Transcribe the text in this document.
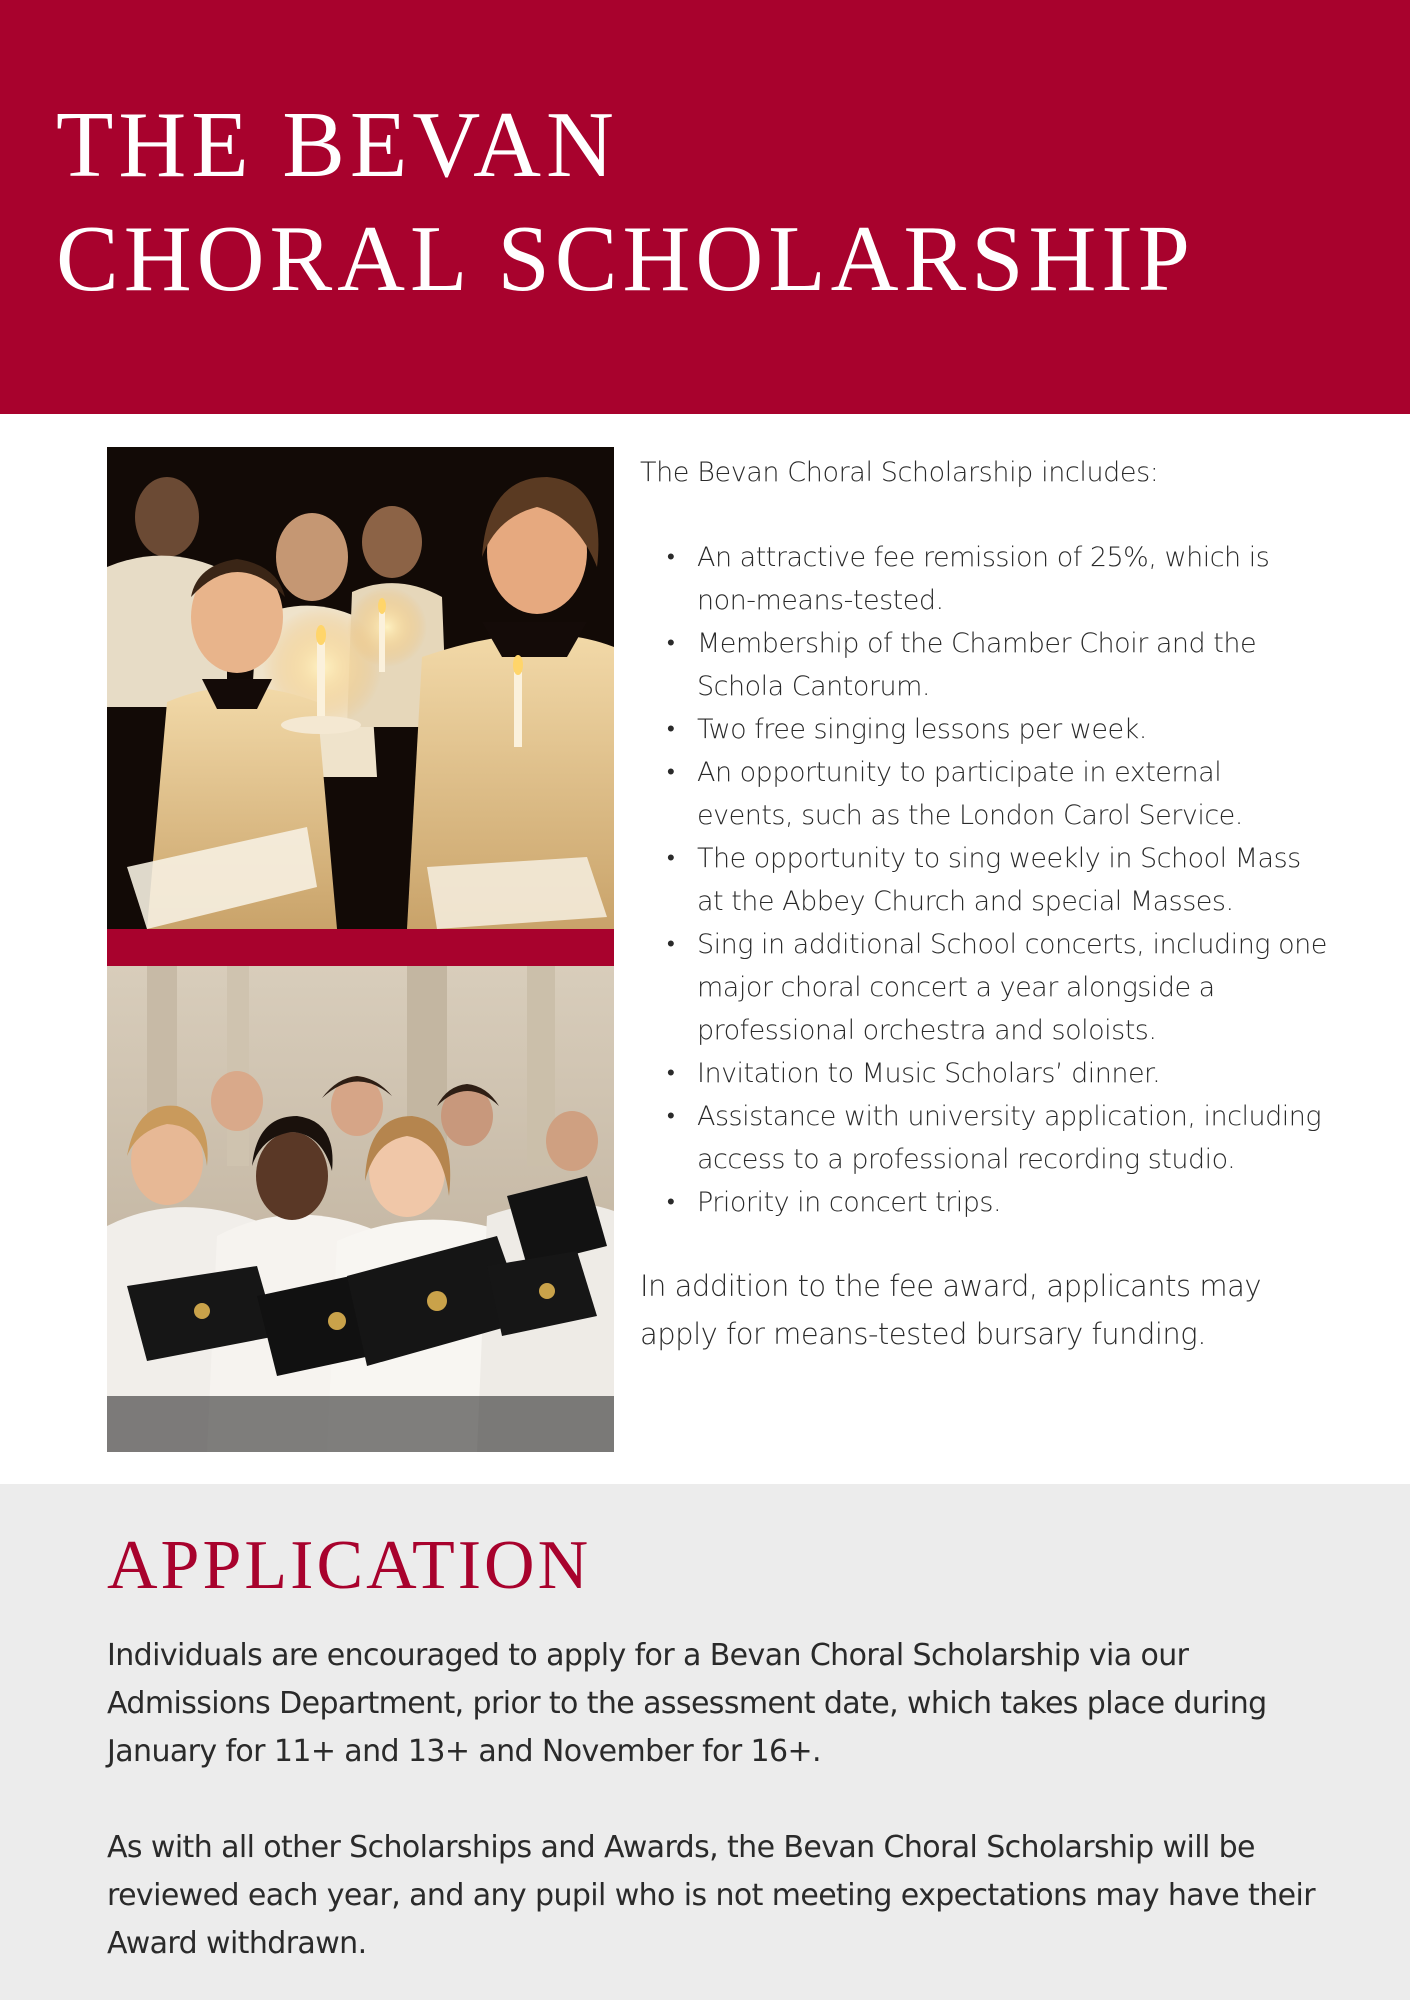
THE BEVAN
CHORAL SCHOLARSHIP

The Bevan Choral Scholarship includes:

• An attractive fee remission of 25%, which is
non-means-tested.
• Membership of the Chamber Choir and the
Schola Cantorum.
• Two free singing lessons per week.
• An opportunity to participate in external
events, such as the London Carol Service.
• The opportunity to sing weekly in School Mass
at the Abbey Church and special Masses.
• Sing in additional School concerts, including one
major choral concert a year alongside a
professional orchestra and soloists.
• Invitation to Music Scholars’ dinner.
• Assistance with university application, including
access to a professional recording studio.
• Priority in concert trips.

In addition to the fee award, applicants may
apply for means-tested bursary funding.

APPLICATION

Individuals are encouraged to apply for a Bevan Choral Scholarship via our
Admissions Department, prior to the assessment date, which takes place during
January for 11+ and 13+ and November for 16+.

As with all other Scholarships and Awards, the Bevan Choral Scholarship will be
reviewed each year, and any pupil who is not meeting expectations may have their
Award withdrawn.
